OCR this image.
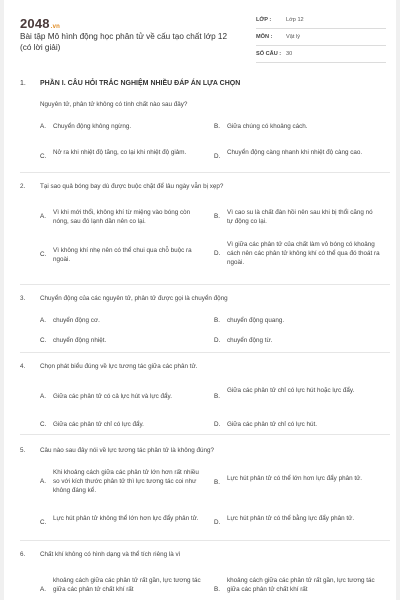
2048.vn
Bài tập Mô hình động học phân tử về cấu tạo chất lớp 12 (có lời giải)
LỚP :	Lớp 12
MÔN : Vật lý
SỐ CÂU : 30
1. PHẦN I. CÂU HỎI TRẮC NGHIỆM NHIỀU ĐÁP ÁN LỰA CHỌN
Nguyên tử, phân tử không có tính chất nào sau đây?
A. Chuyển động không ngừng.	B. Giữa chúng có khoảng cách.
C.
Nở ra khi nhiệt độ tăng, co lại khi nhiệt độ giảm.
D.
Chuyển động càng nhanh khi nhiệt độ càng cao.
2. Tại sao quả bóng bay dù được buộc chặt để lâu ngày vẫn bị xẹp?
A.
Vì khi mới thổi, không khí từ miệng vào bóng còn nóng, sau đó lạnh dần nên co lại.
B.
Vì cao su là chất đàn hồi nên sau khi bị thổi căng nó tự động co lại.
C.
Vì không khí nhẹ nên có thể chui qua chỗ buộc ra ngoài.
D.
Vì giữa các phân tử của chất làm vỏ bóng có khoảng cách nên các phân tử không khí có thể qua đó thoát ra ngoài.
3. Chuyển động của các nguyên tử, phân tử được gọi là chuyển động
A. chuyển động cơ.	B. chuyển động quang.
C. chuyển động nhiệt.	D. chuyển động từ.
4. Chọn phát biểu đúng về lực tương tác giữa các phân tử.
A. Giữa các phân tử có cả lực hút và lực đẩy.	B.
Giữa các phân tử chỉ có lực hút hoặc lực đẩy.
C. Giữa các phân tử chỉ có lực đẩy.	D. Giữa các phân tử chỉ có lực hút.
5. Câu nào sau đây nói về lực tương tác phân tử là không đúng?
A.
Khi khoảng cách giữa các phân tử lớn hơn rất nhiều so với kích thước phân tử thì lực tương tác coi như không đáng kể.
B.
Lực hút phân tử có thể lớn hơn lực đẩy phân tử.
C.
Lực hút phân tử không thể lớn hơn lực đẩy phân tử.
D.
Lực hút phân tử có thể bằng lực đẩy phân tử.
6. Chất khí không có hình dạng và thể tích riêng là vì
A.
khoảng cách giữa các phân tử rất gần, lực tương tác giữa các phân tử chất khí rất	B.
khoảng cách giữa các phân tử rất gần, lực tương tác giữa các phân tử chất khí rất
